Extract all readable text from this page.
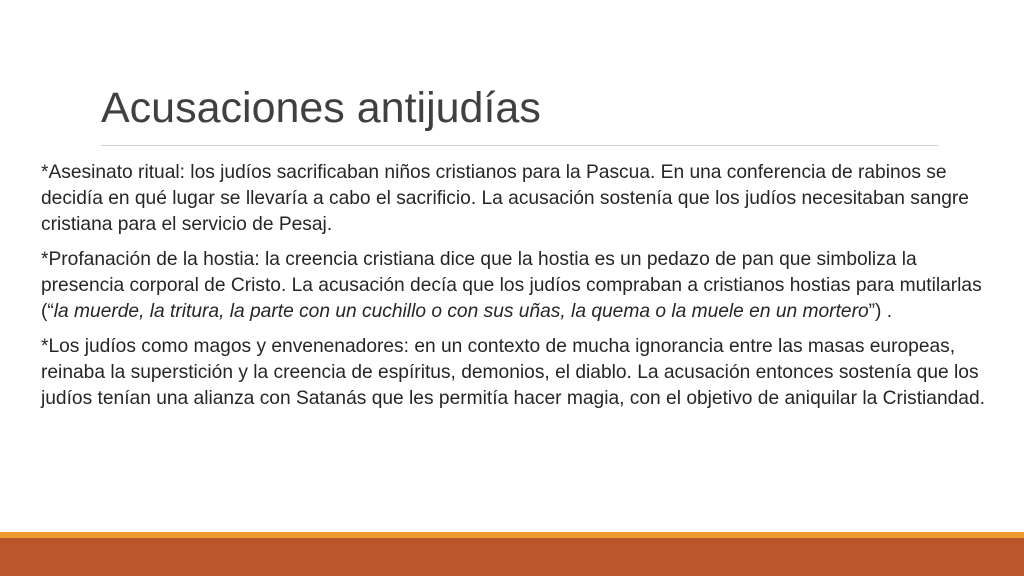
Acusaciones antijudías

*Asesinato ritual: los judíos sacrificaban niños cristianos para la Pascua. En una conferencia de rabinos se decidía en qué lugar se llevaría a cabo el sacrificio. La acusación sostenía que los judíos necesitaban sangre cristiana para el servicio de Pesaj.

*Profanación de la hostia: la creencia cristiana dice que la hostia es un pedazo de pan que simboliza la presencia corporal de Cristo. La acusación decía que los judíos compraban a cristianos hostias para mutilarlas (“la muerde, la tritura, la parte con un cuchillo o con sus uñas, la quema o la muele en un mortero”) .

*Los judíos como magos y envenenadores: en un contexto de mucha ignorancia entre las masas europeas, reinaba la superstición y la creencia de espíritus, demonios, el diablo. La acusación entonces sostenía que los judíos tenían una alianza con Satanás que les permitía hacer magia, con el objetivo de aniquilar la Cristiandad.
